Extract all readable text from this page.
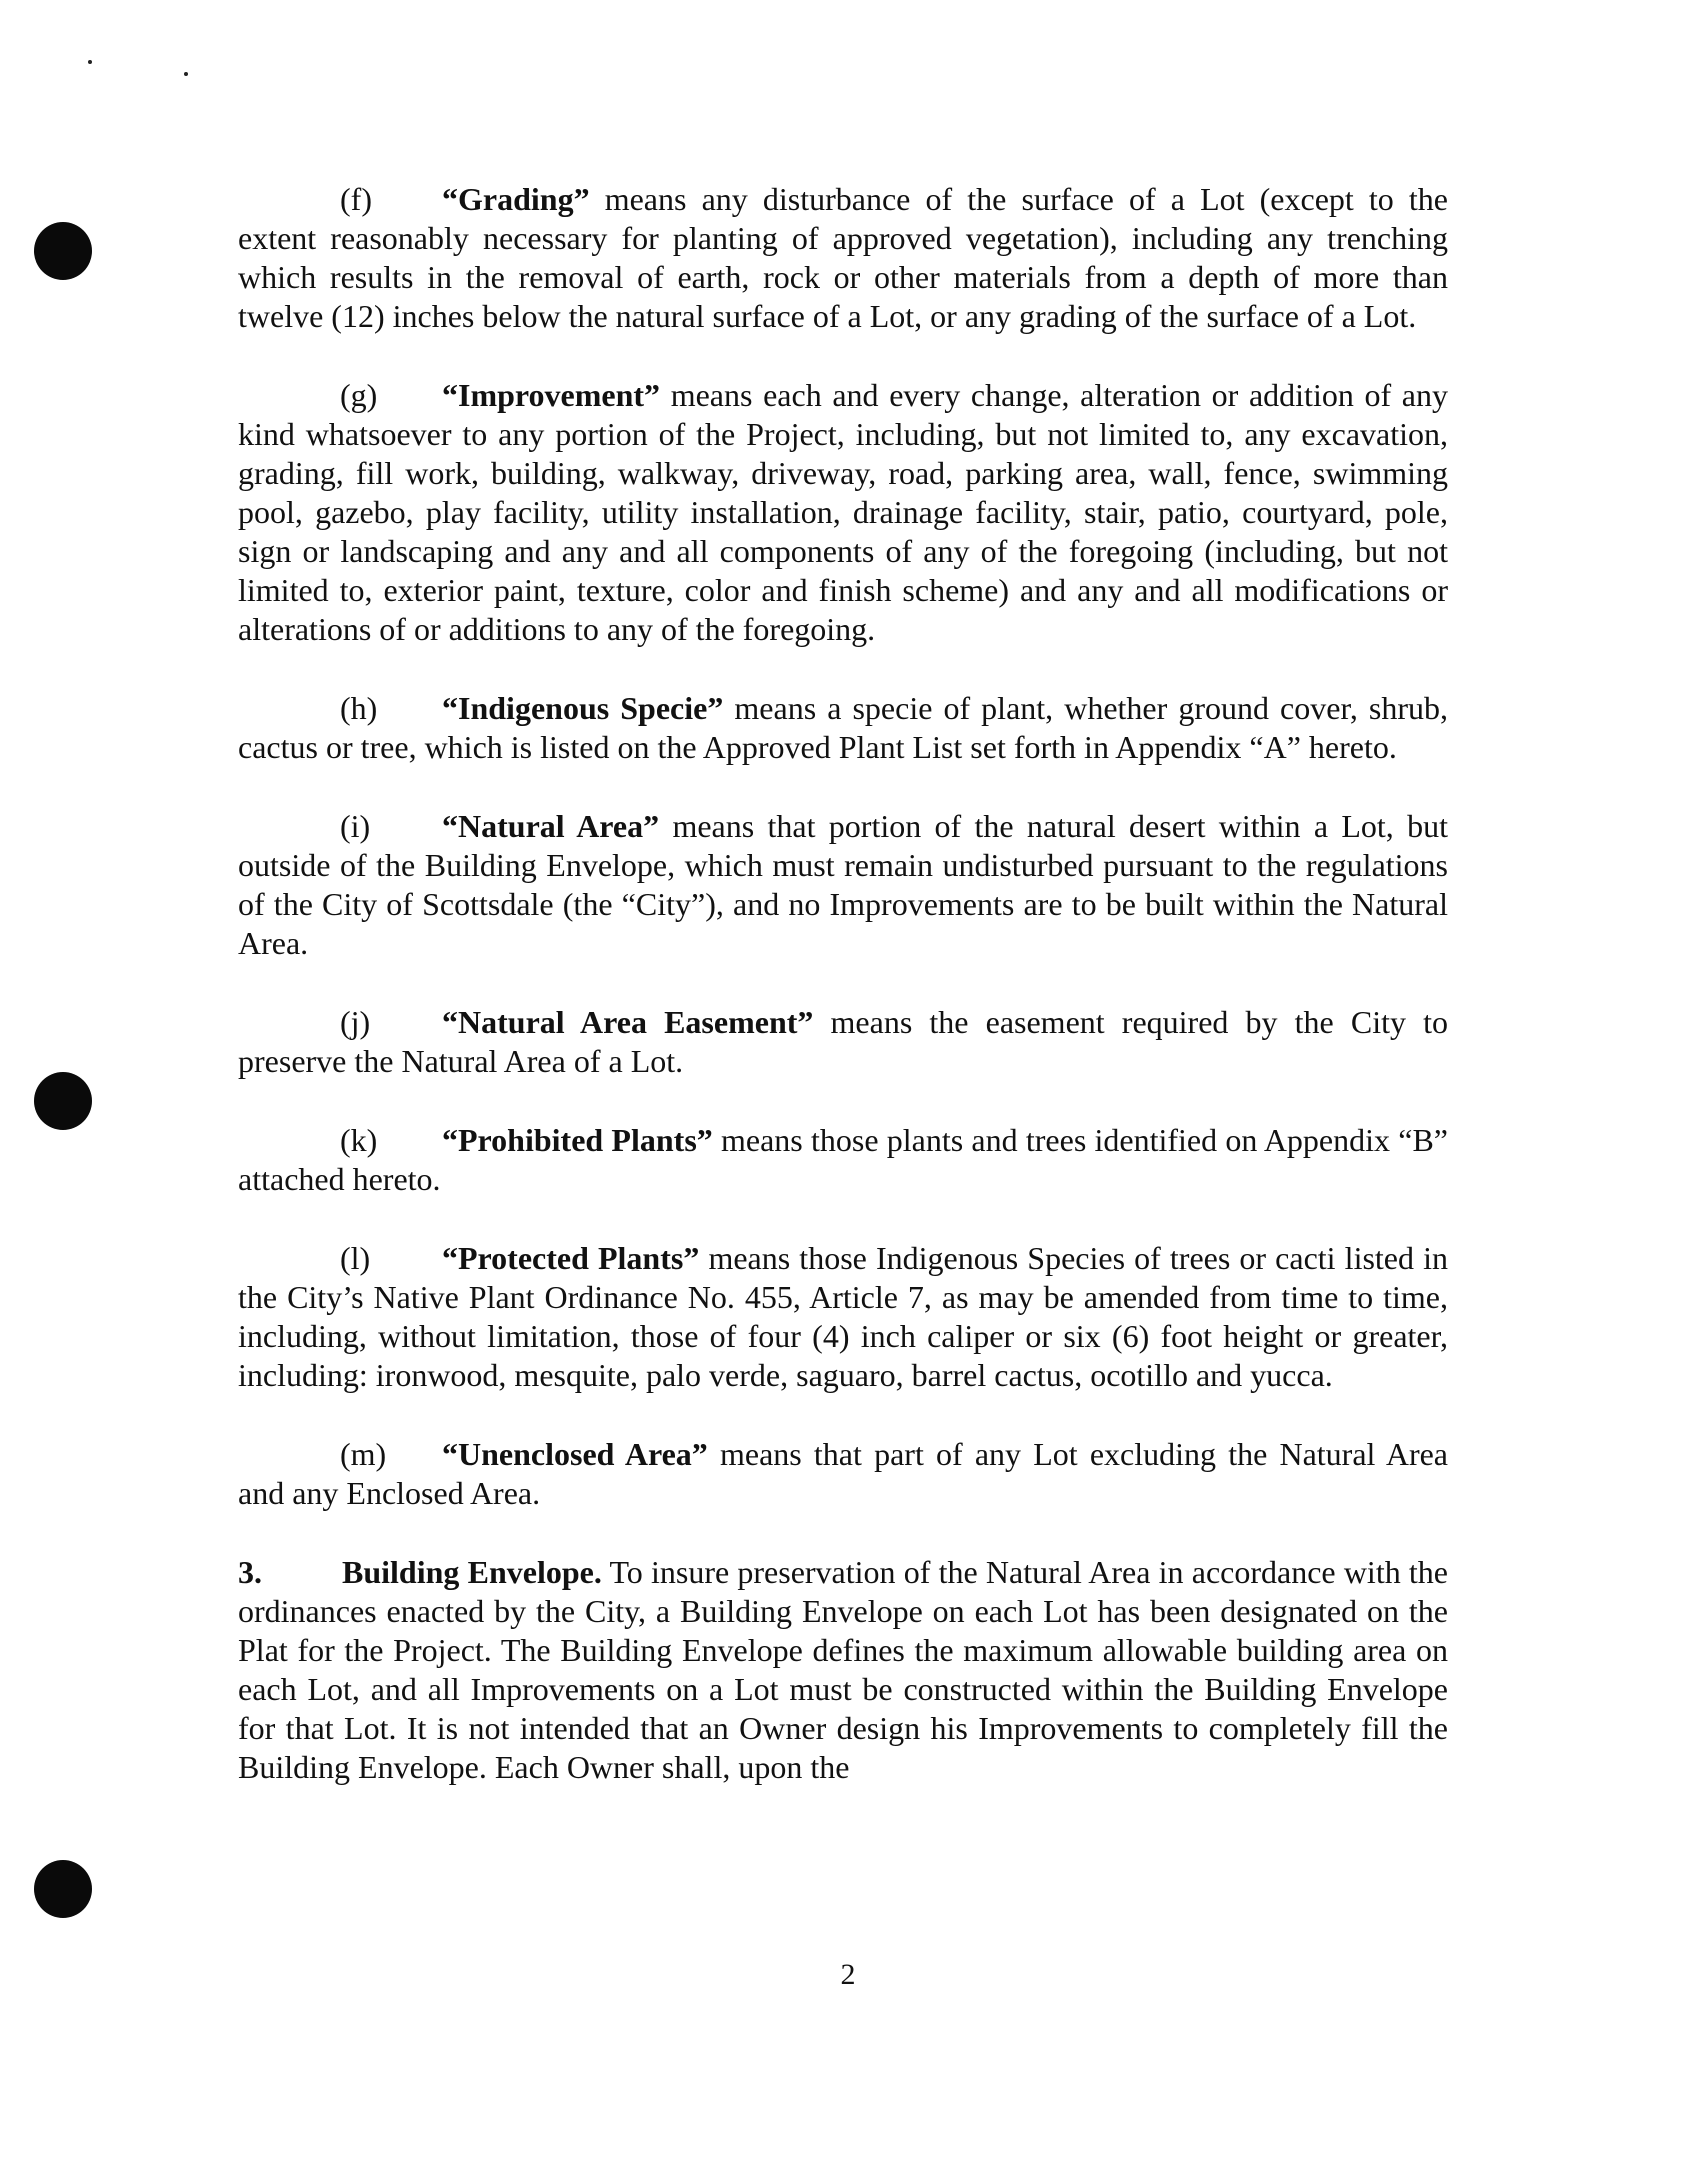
(f) “Grading” means any disturbance of the surface of a Lot (except to the extent reasonably necessary for planting of approved vegetation), including any trenching which results in the removal of earth, rock or other materials from a depth of more than twelve (12) inches below the natural surface of a Lot, or any grading of the surface of a Lot.

(g) “Improvement” means each and every change, alteration or addition of any kind whatsoever to any portion of the Project, including, but not limited to, any excavation, grading, fill work, building, walkway, driveway, road, parking area, wall, fence, swimming pool, gazebo, play facility, utility installation, drainage facility, stair, patio, courtyard, pole, sign or landscaping and any and all components of any of the foregoing (including, but not limited to, exterior paint, texture, color and finish scheme) and any and all modifications or alterations of or additions to any of the foregoing.

(h) “Indigenous Specie” means a specie of plant, whether ground cover, shrub, cactus or tree, which is listed on the Approved Plant List set forth in Appendix “A” hereto.

(i) “Natural Area” means that portion of the natural desert within a Lot, but outside of the Building Envelope, which must remain undisturbed pursuant to the regulations of the City of Scottsdale (the “City”), and no Improvements are to be built within the Natural Area.

(j) “Natural Area Easement” means the easement required by the City to preserve the Natural Area of a Lot.

(k) “Prohibited Plants” means those plants and trees identified on Appendix “B” attached hereto.

(l) “Protected Plants” means those Indigenous Species of trees or cacti listed in the City’s Native Plant Ordinance No. 455, Article 7, as may be amended from time to time, including, without limitation, those of four (4) inch caliper or six (6) foot height or greater, including: ironwood, mesquite, palo verde, saguaro, barrel cactus, ocotillo and yucca.

(m) “Unenclosed Area” means that part of any Lot excluding the Natural Area and any Enclosed Area.

3.	Building Envelope. To insure preservation of the Natural Area in accordance with the ordinances enacted by the City, a Building Envelope on each Lot has been designated on the Plat for the Project. The Building Envelope defines the maximum allowable building area on each Lot, and all Improvements on a Lot must be constructed within the Building Envelope for that Lot. It is not intended that an Owner design his Improvements to completely fill the Building Envelope. Each Owner shall, upon the

2
